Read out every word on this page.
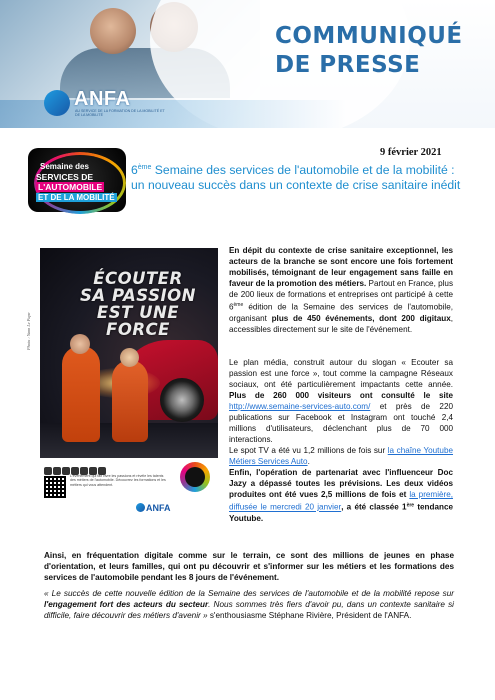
COMMUNIQUÉ
DE PRESSE
ANFA
AU SERVICE DE LA FORMATION DE LA MOBILITÉ ET DE LA MOBILITÉ
9 février 2021
Semaine des
SERVICES DE
L'AUTOMOBILE
ET DE LA MOBILITÉ
6ème Semaine des services de l'automobile et de la mobilité : un nouveau succès dans un contexte de crise sanitaire inédit
ÉCOUTER
SA PASSION
EST UNE FORCE
L'événement qui fait vivre les passions et révèle les talents des métiers de l'automobile. Découvrez les formations et les métiers qui vous attendent.
ANFA
Photo : Yann Le Pape
En dépit du contexte de crise sanitaire exceptionnel, les acteurs de la branche se sont encore une fois fortement mobilisés, témoignant de leur engagement sans faille en faveur de la promotion des métiers. Partout en France, plus de 200 lieux de formations et entreprises ont participé à cette 6ème édition de la Semaine des services de l'automobile, organisant plus de 450 événements, dont 200 digitaux, accessibles directement sur le site de l'événement.
Le plan média, construit autour du slogan « Ecouter sa passion est une force », tout comme la campagne Réseaux sociaux, ont été particulièrement impactants cette année. Plus de 260 000 visiteurs ont consulté le site http://www.semaine-services-auto.com/ et près de 220 publications sur Facebook et Instagram ont touché 2,4 millions d'utilisateurs, déclenchant plus de 70 000 interactions.
Le spot TV a été vu 1,2 millions de fois sur la chaîne Youtube Métiers Services Auto.
Enfin, l'opération de partenariat avec l'influenceur Doc Jazy a dépassé toutes les prévisions. Les deux vidéos produites ont été vues 2,5 millions de fois et la première, diffusée le mercredi 20 janvier, a été classée 1ère tendance Youtube.
Ainsi, en fréquentation digitale comme sur le terrain, ce sont des millions de jeunes en phase d'orientation, et leurs familles, qui ont pu découvrir et s'informer sur les métiers et les formations des services de l'automobile pendant les 8 jours de l'événement.
« Le succès de cette nouvelle édition de la Semaine des services de l'automobile et de la mobilité repose sur l'engagement fort des acteurs du secteur. Nous sommes très fiers d'avoir pu, dans un contexte sanitaire si difficile, faire découvrir des métiers d'avenir » s'enthousiasme Stéphane Rivière, Président de l'ANFA.
